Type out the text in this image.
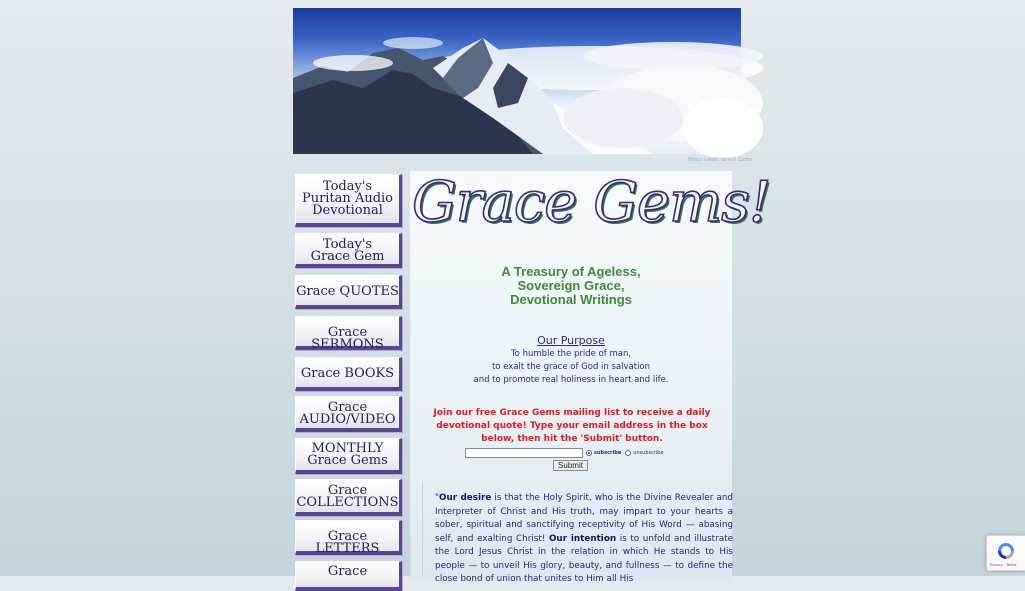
Photo credit: Grace Gems
Today's
Puritan Audio
Devotional
Today's
Grace Gem
Grace QUOTES
Grace SERMONS
Grace BOOKS
Grace
AUDIO/VIDEO
MONTHLY
Grace Gems
Grace
COLLECTIONS
Grace LETTERS
Grace
Grace Gems!
A Treasury of Ageless,
Sovereign Grace,
Devotional Writings
Our Purpose
To humble the pride of man,
to exalt the grace of God in salvation
and to promote real holiness in heart and life.
Join our free Grace Gems mailing list to receive a daily devotional quote! Type your email address in the box below, then hit the 'Submit' button.
subscribe unsubscribe
Submit

"Our desire is that the Holy Spirit, who is the Divine Revealer and Interpreter of Christ and His truth, may impart to your hearts a sober, spiritual and sanctifying receptivity of His Word — abasing self, and exalting Christ! Our intention is to unfold and illustrate the Lord Jesus Christ in the relation in which He stands to His people — to unveil His glory, beauty, and fullness — to define the close bond of union that unites to Him all His

Privacy - Terms
